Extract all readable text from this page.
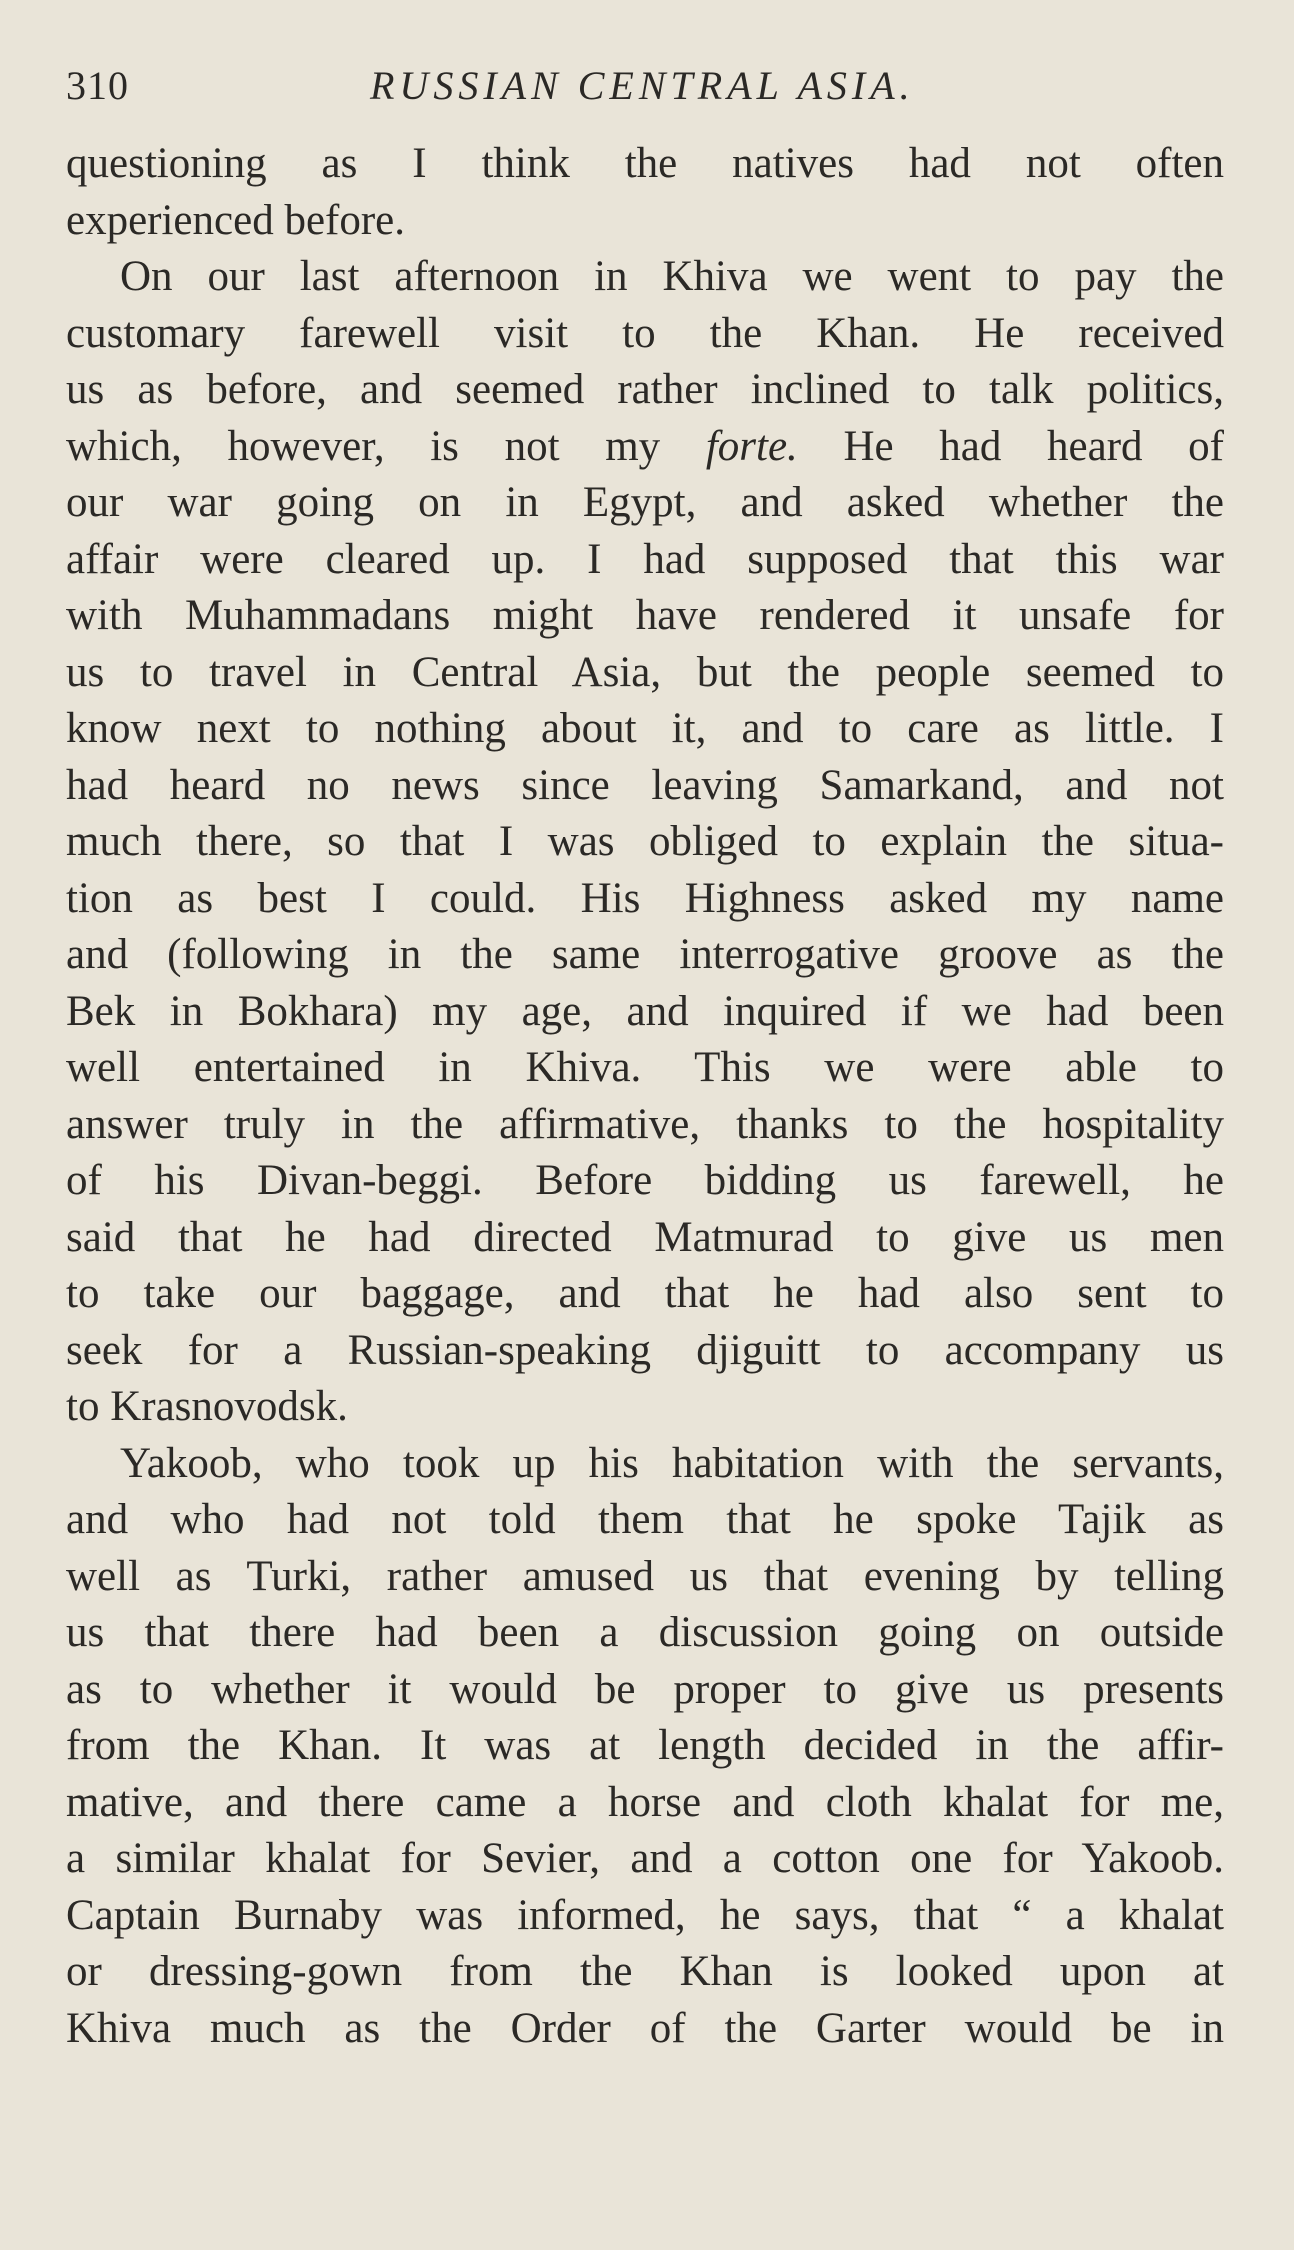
310	RUSSIAN CENTRAL ASIA.
questioning as I think the natives had not often
experienced before.
On our last afternoon in Khiva we went to pay the
customary farewell visit to the Khan. He received
us as before, and seemed rather inclined to talk politics,
which, however, is not my forte. He had heard of
our war going on in Egypt, and asked whether the
affair were cleared up. I had supposed that this war
with Muhammadans might have rendered it unsafe for
us to travel in Central Asia, but the people seemed to
know next to nothing about it, and to care as little. I
had heard no news since leaving Samarkand, and not
much there, so that I was obliged to explain the situa-
tion as best I could. His Highness asked my name
and (following in the same interrogative groove as the
Bek in Bokhara) my age, and inquired if we had been
well entertained in Khiva. This we were able to
answer truly in the affirmative, thanks to the hospitality
of his Divan-beggi. Before bidding us farewell, he
said that he had directed Matmurad to give us men
to take our baggage, and that he had also sent to
seek for a Russian-speaking djiguitt to accompany us
to Krasnovodsk.
Yakoob, who took up his habitation with the servants,
and who had not told them that he spoke Tajik as
well as Turki, rather amused us that evening by telling
us that there had been a discussion going on outside
as to whether it would be proper to give us presents
from the Khan. It was at length decided in the affir-
mative, and there came a horse and cloth khalat for me,
a similar khalat for Sevier, and a cotton one for Yakoob.
Captain Burnaby was informed, he says, that “ a khalat
or dressing-gown from the Khan is looked upon at
Khiva much as the Order of the Garter would be in
